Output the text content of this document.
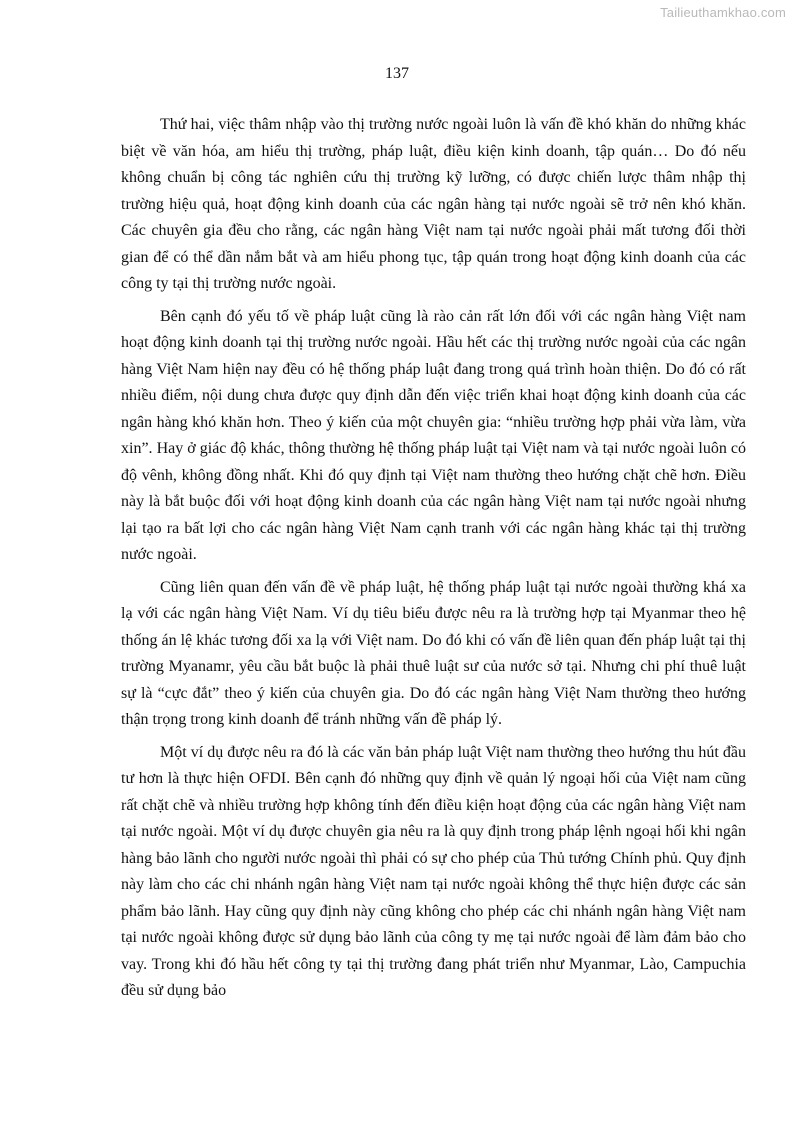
Tailieuthamkhao.com
137

Thứ hai, việc thâm nhập vào thị trường nước ngoài luôn là vấn đề khó khăn do những khác biệt về văn hóa, am hiểu thị trường, pháp luật, điều kiện kinh doanh, tập quán… Do đó nếu không chuẩn bị công tác nghiên cứu thị trường kỹ lưỡng, có được chiến lược thâm nhập thị trường hiệu quả, hoạt động kinh doanh của các ngân hàng tại nước ngoài sẽ trở nên khó khăn. Các chuyên gia đều cho rằng, các ngân hàng Việt nam tại nước ngoài phải mất tương đối thời gian để có thể dần nắm bắt và am hiểu phong tục, tập quán trong hoạt động kinh doanh của các công ty tại thị trường nước ngoài.

Bên cạnh đó yếu tố về pháp luật cũng là rào cản rất lớn đối với các ngân hàng Việt nam hoạt động kinh doanh tại thị trường nước ngoài. Hầu hết các thị trường nước ngoài của các ngân hàng Việt Nam hiện nay đều có hệ thống pháp luật đang trong quá trình hoàn thiện. Do đó có rất nhiều điểm, nội dung chưa được quy định dẫn đến việc triển khai hoạt động kinh doanh của các ngân hàng khó khăn hơn. Theo ý kiến của một chuyên gia: “nhiều trường hợp phải vừa làm, vừa xin”. Hay ở giác độ khác, thông thường hệ thống pháp luật tại Việt nam và tại nước ngoài luôn có độ vênh, không đồng nhất. Khi đó quy định tại Việt nam thường theo hướng chặt chẽ hơn. Điều này là bắt buộc đối với hoạt động kinh doanh của các ngân hàng Việt nam tại nước ngoài nhưng lại tạo ra bất lợi cho các ngân hàng Việt Nam cạnh tranh với các ngân hàng khác tại thị trường nước ngoài.

Cũng liên quan đến vấn đề về pháp luật, hệ thống pháp luật tại nước ngoài thường khá xa lạ với các ngân hàng Việt Nam. Ví dụ tiêu biểu được nêu ra là trường hợp tại Myanmar theo hệ thống án lệ khác tương đối xa lạ với Việt nam. Do đó khi có vấn đề liên quan đến pháp luật tại thị trường Myanamr, yêu cầu bắt buộc là phải thuê luật sư của nước sở tại. Nhưng chi phí thuê luật sự là “cực đắt” theo ý kiến của chuyên gia. Do đó các ngân hàng Việt Nam thường theo hướng thận trọng trong kinh doanh để tránh những vấn đề pháp lý.

Một ví dụ được nêu ra đó là các văn bản pháp luật Việt nam thường theo hướng thu hút đầu tư hơn là thực hiện OFDI. Bên cạnh đó những quy định về quản lý ngoại hối của Việt nam cũng rất chặt chẽ và nhiều trường hợp không tính đến điều kiện hoạt động của các ngân hàng Việt nam tại nước ngoài. Một ví dụ được chuyên gia nêu ra là quy định trong pháp lệnh ngoại hối khi ngân hàng bảo lãnh cho người nước ngoài thì phải có sự cho phép của Thủ tướng Chính phủ. Quy định này làm cho các chi nhánh ngân hàng Việt nam tại nước ngoài không thể thực hiện được các sản phẩm bảo lãnh. Hay cũng quy định này cũng không cho phép các chi nhánh ngân hàng Việt nam tại nước ngoài không được sử dụng bảo lãnh của công ty mẹ tại nước ngoài để làm đảm bảo cho vay. Trong khi đó hầu hết công ty tại thị trường đang phát triển như Myanmar, Lào, Campuchia đều sử dụng bảo
